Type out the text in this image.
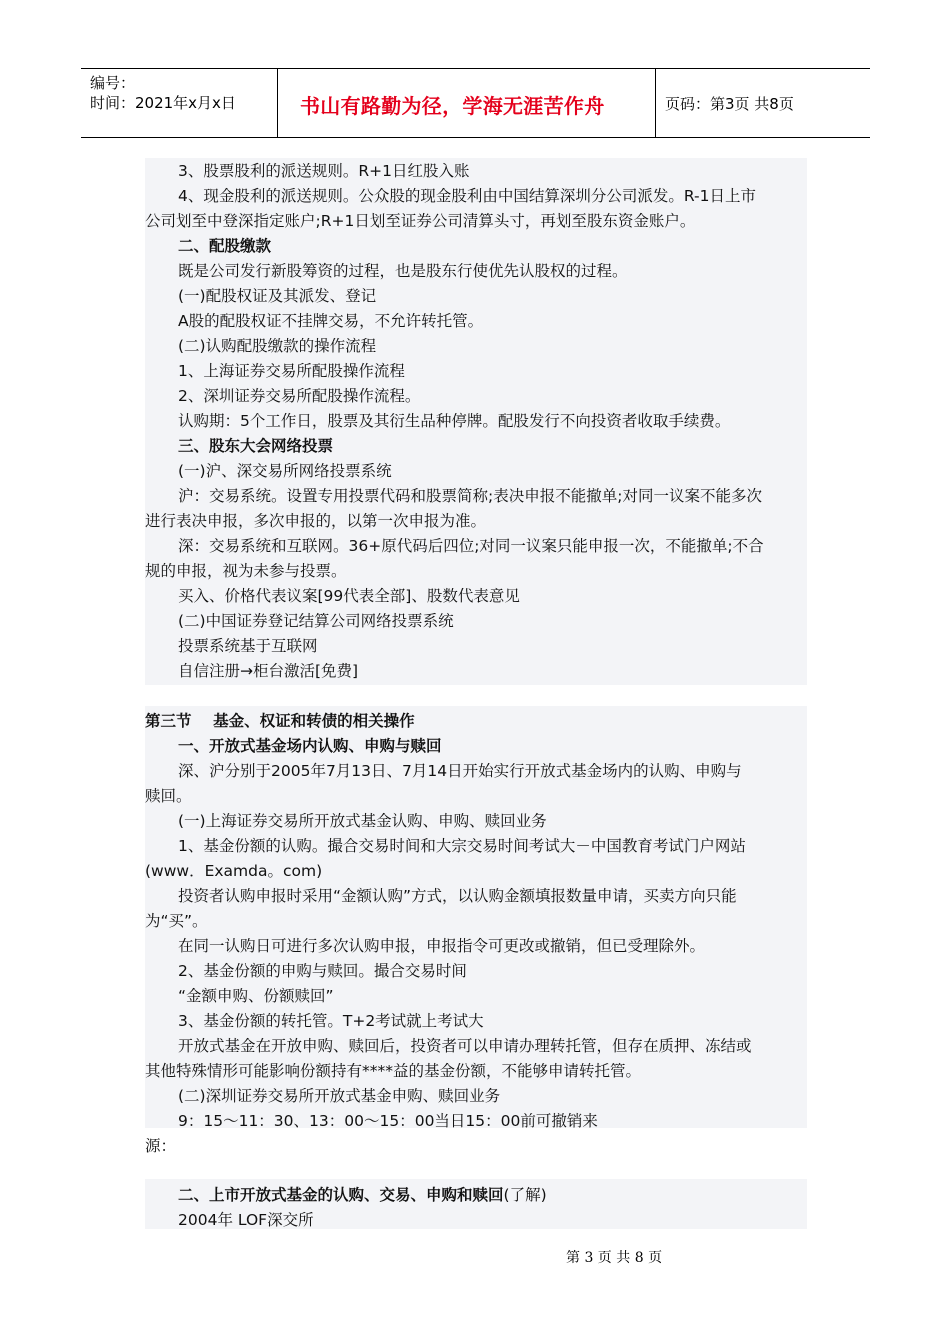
编号：
时间：2021年x月x日	书山有路勤为径，学海无涯苦作舟	页码：第3页 共8页
3、股票股利的派送规则。R+1日红股入账
4、现金股利的派送规则。公众股的现金股利由中国结算深圳分公司派发。R-1日上市
公司划至中登深指定账户;R+1日划至证券公司清算头寸，再划至股东资金账户。
二、配股缴款
既是公司发行新股筹资的过程，也是股东行使优先认股权的过程。
(一)配股权证及其派发、登记
A股的配股权证不挂牌交易，不允许转托管。
(二)认购配股缴款的操作流程
1、上海证券交易所配股操作流程
2、深圳证券交易所配股操作流程。
认购期：5个工作日，股票及其衍生品种停牌。配股发行不向投资者收取手续费。
三、股东大会网络投票
(一)沪、深交易所网络投票系统
沪：交易系统。设置专用投票代码和股票简称;表决申报不能撤单;对同一议案不能多次
进行表决申报，多次申报的，以第一次申报为准。
深：交易系统和互联网。36+原代码后四位;对同一议案只能申报一次，不能撤单;不合
规的申报，视为未参与投票。
买入、价格代表议案[99代表全部]、股数代表意见
(二)中国证券登记结算公司网络投票系统
投票系统基于互联网
自信注册→柜台激活[免费]
第三节    基金、权证和转债的相关操作
一、开放式基金场内认购、申购与赎回
深、沪分别于2005年7月13日、7月14日开始实行开放式基金场内的认购、申购与
赎回。
(一)上海证券交易所开放式基金认购、申购、赎回业务
1、基金份额的认购。撮合交易时间和大宗交易时间考试大－中国教育考试门户网站
(www．Examda。com)
投资者认购申报时采用“金额认购”方式，以认购金额填报数量申请，买卖方向只能
为“买”。
在同一认购日可进行多次认购申报，申报指令可更改或撤销，但已受理除外。
2、基金份额的申购与赎回。撮合交易时间
“金额申购、份额赎回”
3、基金份额的转托管。T+2考试就上考试大
开放式基金在开放申购、赎回后，投资者可以申请办理转托管，但存在质押、冻结或
其他特殊情形可能影响份额持有****益的基金份额，不能够申请转托管。
(二)深圳证券交易所开放式基金申购、赎回业务
9：15～11：30、13：00～15：00当日15：00前可撤销来
源：
二、上市开放式基金的认购、交易、申购和赎回(了解)
2004年 LOF深交所
第 3 页 共 8 页
